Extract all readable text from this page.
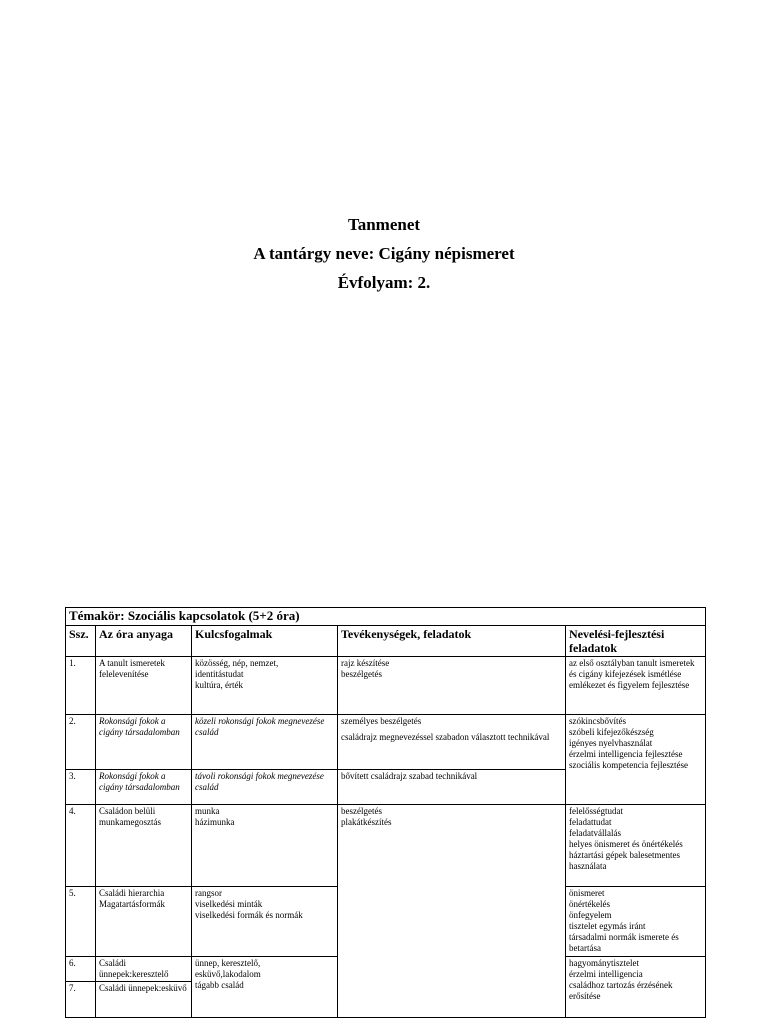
Tanmenet
A tantárgy neve: Cigány népismeret
Évfolyam: 2.
Témakör: Szociális kapcsolatok (5+2 óra)				
Ssz.	Az óra anyaga	Kulcsfogalmak	Tevékenységek, feladatok	Nevelési-fejlesztési feladatok
1.	A tanult ismeretek felelevenítése	közösség, nép, nemzet,
identitástudat
kultúra, érték	rajz készítése
beszélgetés	az első osztályban tanult ismeretek és cigány kifejezések ismétlése
emlékezet és figyelem fejlesztése

2.	Rokonsági fokok a cigány társadalomban	közeli rokonsági fokok megnevezése
család	személyes beszélgetés
családrajz megnevezéssel szabadon választott technikával	szókincsbővítés
szóbeli kifejezőkészség
igényes nyelvhasználat
érzelmi intelligencia fejlesztése
szociális kompetencia fejlesztése

3.	Rokonsági fokok a cigány társadalomban	távoli rokonsági fokok megnevezése
család	bővített családrajz szabad technikával	

4.	Családon belüli munkamegosztás	munka
házimunka	beszélgetés
plakátkészítés	felelősségtudat
feladattudat
feladatvállalás
helyes önismeret és önértékelés
háztartási gépek balesetmentes használata

5.	Családi hierarchia Magatartásformák	rangsor
viselkedési minták
viselkedési formák és normák		önismeret
önértékelés
önfegyelem
tisztelet egymás iránt
társadalmi normák ismerete és betartása

6.	Családi ünnepek:keresztelő	ünnep, keresztelő,
esküvő,lakodalom
tágabb család		hagyománytisztelet
érzelmi intelligencia
családhoz tartozás érzésének erősítése

7.	Családi ünnepek:esküvő			
